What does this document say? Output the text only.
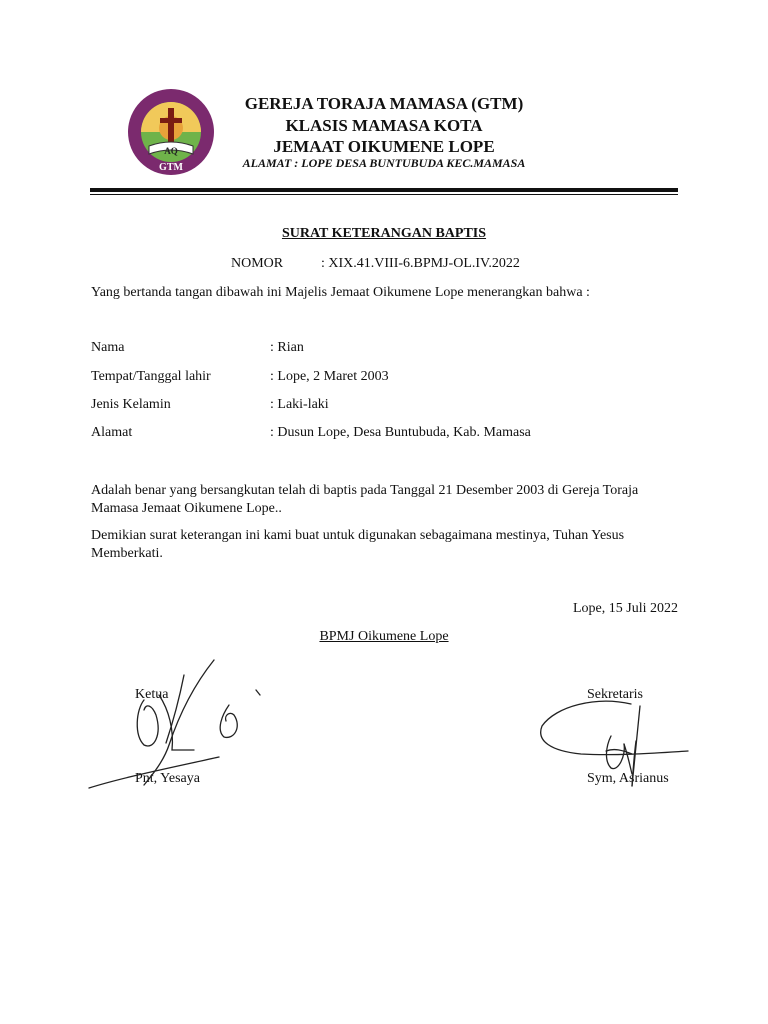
AQ
GTM
GEREJA TORAJA MAMASA (GTM)
KLASIS MAMASA KOTA
JEMAAT OIKUMENE LOPE
ALAMAT : LOPE DESA BUNTUBUDA KEC.MAMASA
SURAT KETERANGAN BAPTIS
NOMOR	: XIX.41.VIII-6.BPMJ-OL.IV.2022
Yang bertanda tangan dibawah ini Majelis Jemaat Oikumene Lope menerangkan bahwa :
Nama	: Rian
Tempat/Tanggal lahir	: Lope, 2 Maret 2003
Jenis Kelamin	: Laki-laki
Alamat	: Dusun Lope, Desa Buntubuda, Kab. Mamasa
Adalah benar yang bersangkutan telah di baptis pada Tanggal 21 Desember 2003 di Gereja Toraja Mamasa Jemaat Oikumene Lope..
Demikian surat keterangan ini kami buat untuk digunakan sebagaimana mestinya, Tuhan Yesus Memberkati.
Lope, 15 Juli 2022
BPMJ Oikumene Lope
Ketua
Pnt, Yesaya
Sekretaris
Sym, Asrianus
